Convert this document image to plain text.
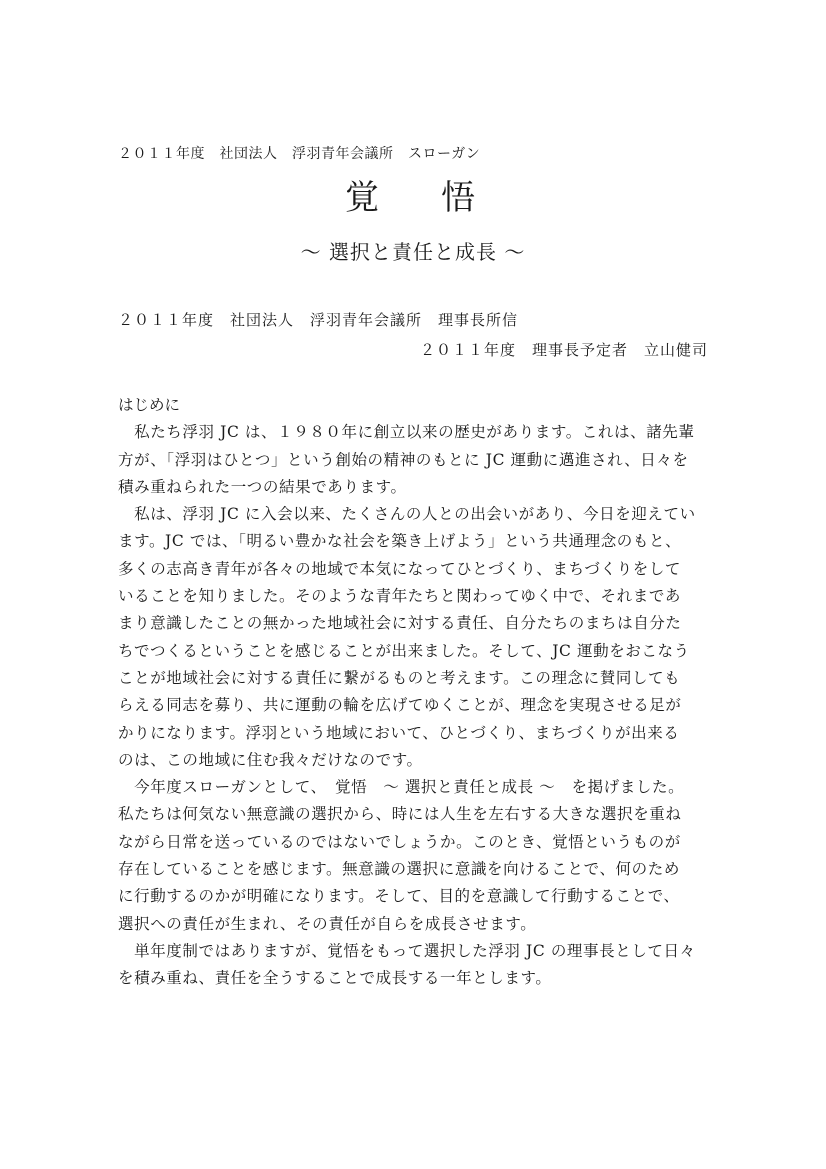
２０１１年度　社団法人　浮羽青年会議所　スローガン
覚　悟
～ 選択と責任と成長 ～
２０１１年度　社団法人　浮羽青年会議所　理事長所信
２０１１年度　理事長予定者　立山健司

はじめに

　私たち浮羽 JC は、１９８０年に創立以来の歴史があります。これは、諸先輩

方が、「浮羽はひとつ」という創始の精神のもとに JC 運動に邁進され、日々を

積み重ねられた一つの結果であります。

　私は、浮羽 JC に入会以来、たくさんの人との出会いがあり、今日を迎えてい

ます。JC では、「明るい豊かな社会を築き上げよう」という共通理念のもと、

多くの志高き青年が各々の地域で本気になってひとづくり、まちづくりをして

いることを知りました。そのような青年たちと関わってゆく中で、それまであ

まり意識したことの無かった地域社会に対する責任、自分たちのまちは自分た

ちでつくるということを感じることが出来ました。そして、JC 運動をおこなう

ことが地域社会に対する責任に繋がるものと考えます。この理念に賛同しても

らえる同志を募り、共に運動の輪を広げてゆくことが、理念を実現させる足が

かりになります。浮羽という地域において、ひとづくり、まちづくりが出来る

のは、この地域に住む我々だけなのです。

　今年度スローガンとして、　覚悟　～ 選択と責任と成長 ～　を掲げました。

私たちは何気ない無意識の選択から、時には人生を左右する大きな選択を重ね

ながら日常を送っているのではないでしょうか。このとき、覚悟というものが

存在していることを感じます。無意識の選択に意識を向けることで、何のため

に行動するのかが明確になります。そして、目的を意識して行動することで、

選択への責任が生まれ、その責任が自らを成長させます。

　単年度制ではありますが、覚悟をもって選択した浮羽 JC の理事長として日々

を積み重ね、責任を全うすることで成長する一年とします。
